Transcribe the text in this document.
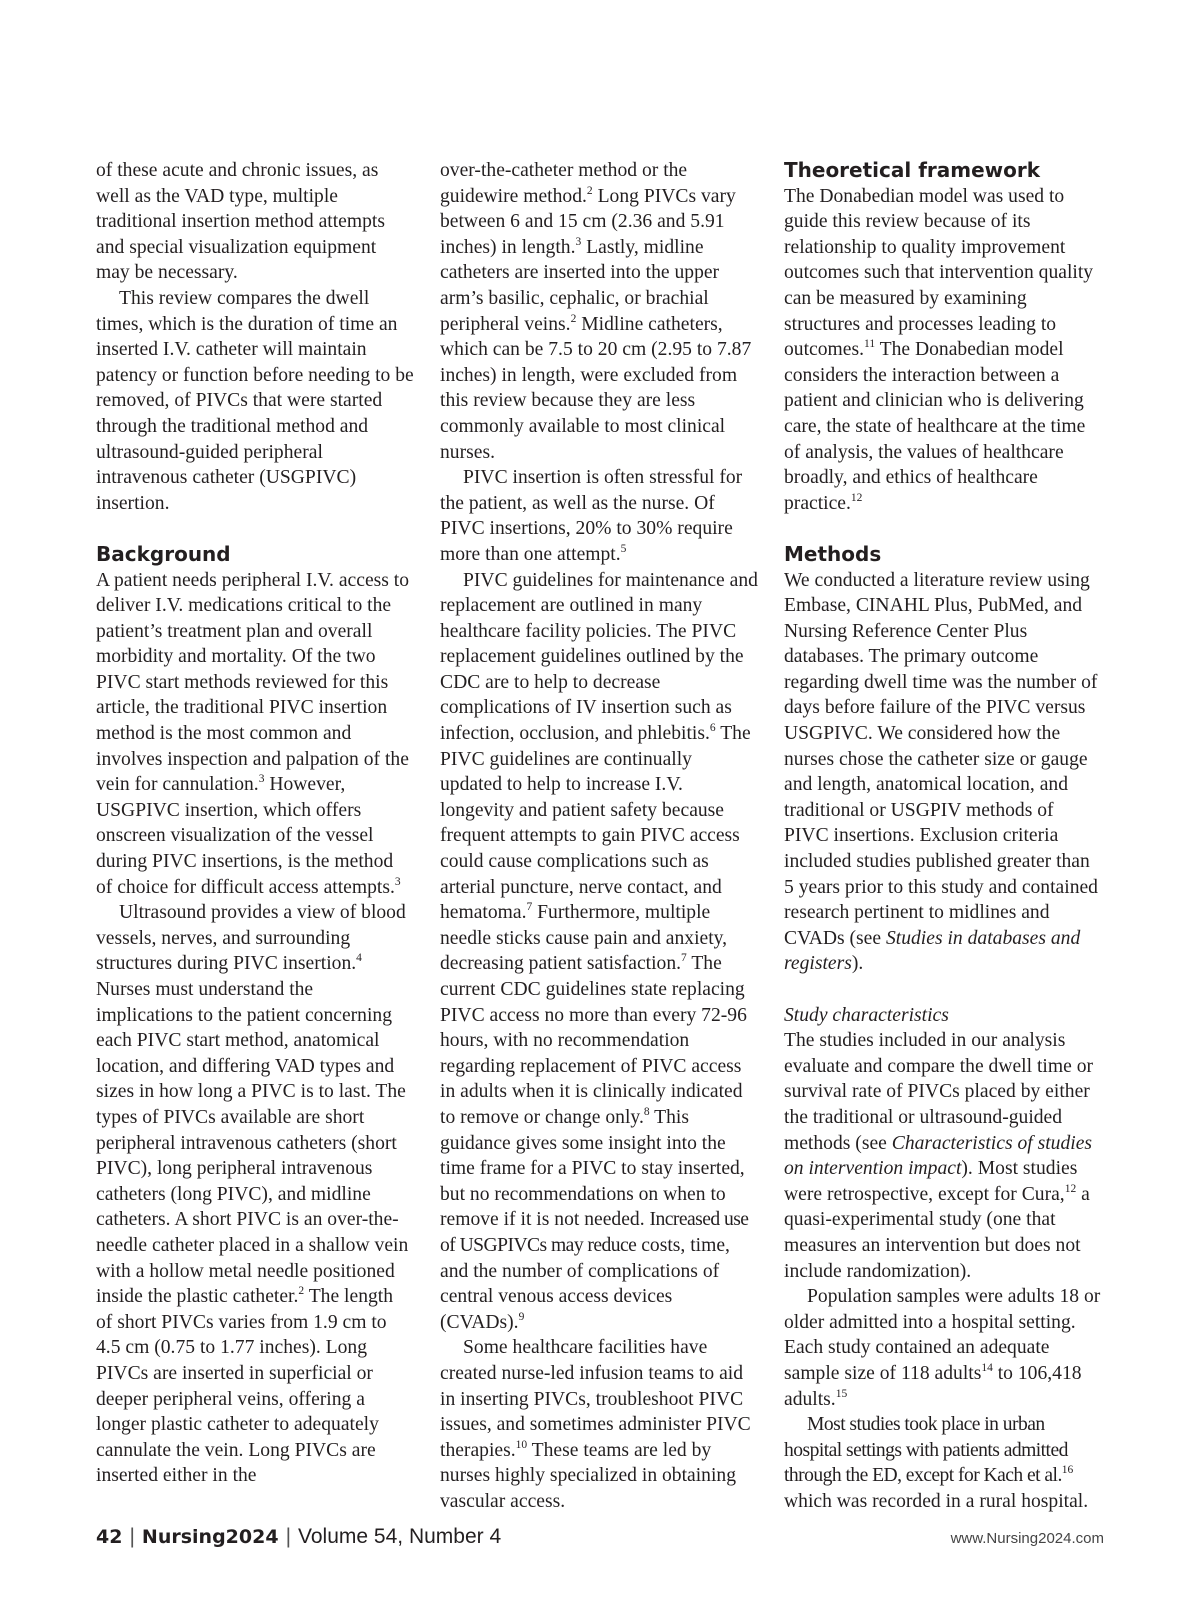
of these acute and chronic issues, as well as the VAD type, multiple traditional insertion method attempts and special visualization equipment may be necessary.

This review compares the dwell times, which is the duration of time an inserted I.V. catheter will maintain patency or function before needing to be removed, of PIVCs that were started through the traditional method and ultrasound-guided peripheral intravenous catheter (USGPIVC) insertion.

Background

A patient needs peripheral I.V. access to deliver I.V. medications critical to the patient’s treatment plan and overall morbidity and mortality. Of the two PIVC start methods reviewed for this article, the traditional PIVC insertion method is the most common and involves inspection and palpation of the vein for cannulation.$^3$ However, USGPIVC insertion, which offers onscreen visualization of the vessel during PIVC insertions, is the method of choice for difficult access attempts.$^3$

Ultrasound provides a view of blood vessels, nerves, and surrounding structures during PIVC insertion.$^4$ Nurses must understand the implications to the patient concerning each PIVC start method, anatomical location, and differing VAD types and sizes in how long a PIVC is to last. The types of PIVCs available are short peripheral intravenous catheters (short PIVC), long peripheral intravenous catheters (long PIVC), and midline catheters. A short PIVC is an over-the-needle catheter placed in a shallow vein with a hollow metal needle positioned inside the plastic catheter.$^2$ The length of short PIVCs varies from 1.9 cm to 4.5 cm (0.75 to 1.77 inches). Long PIVCs are inserted in superficial or deeper peripheral veins, offering a longer plastic catheter to adequately cannulate the vein. Long PIVCs are inserted either in the

over-the-catheter method or the guidewire method.$^2$ Long PIVCs vary between 6 and 15 cm (2.36 and 5.91 inches) in length.$^3$ Lastly, midline catheters are inserted into the upper arm’s basilic, cephalic, or brachial peripheral veins.$^2$ Midline catheters, which can be 7.5 to 20 cm (2.95 to 7.87 inches) in length, were excluded from this review because they are less commonly available to most clinical nurses.

PIVC insertion is often stressful for the patient, as well as the nurse. Of PIVC insertions, 20% to 30% require more than one attempt.$^5$

PIVC guidelines for maintenance and replacement are outlined in many healthcare facility policies. The PIVC replacement guidelines outlined by the CDC are to help to decrease complications of IV insertion such as infection, occlusion, and phlebitis.$^6$ The PIVC guidelines are continually updated to help to increase I.V. longevity and patient safety because frequent attempts to gain PIVC access could cause complications such as arterial puncture, nerve contact, and hematoma.$^7$ Furthermore, multiple needle sticks cause pain and anxiety, decreasing patient satisfaction.$^7$ The current CDC guidelines state replacing PIVC access no more than every 72-96 hours, with no recommendation regarding replacement of PIVC access in adults when it is clinically indicated to remove or change only.$^8$ This guidance gives some insight into the time frame for a PIVC to stay inserted, but no recommendations on when to remove if it is not needed. Increased use of USGPIVCs may reduce costs, time, and the number of complications of central venous access devices (CVADs).$^9$

Some healthcare facilities have created nurse-led infusion teams to aid in inserting PIVCs, troubleshoot PIVC issues, and sometimes administer PIVC therapies.$^{10}$ These teams are led by nurses highly specialized in obtaining vascular access.

Theoretical framework

The Donabedian model was used to guide this review because of its relationship to quality improvement outcomes such that intervention quality can be measured by examining structures and processes leading to outcomes.$^{11}$ The Donabedian model considers the interaction between a patient and clinician who is delivering care, the state of healthcare at the time of analysis, the values of healthcare broadly, and ethics of healthcare practice.$^{12}$

Methods

We conducted a literature review using Embase, CINAHL Plus, PubMed, and Nursing Reference Center Plus databases. The primary outcome regarding dwell time was the number of days before failure of the PIVC versus USGPIVC. We considered how the nurses chose the catheter size or gauge and length, anatomical location, and traditional or USGPIV methods of PIVC insertions. Exclusion criteria included studies published greater than 5 years prior to this study and contained research pertinent to midlines and CVADs (see Studies in databases and registers).

Study characteristics

The studies included in our analysis evaluate and compare the dwell time or survival rate of PIVCs placed by either the traditional or ultrasound-guided methods (see Characteristics of studies on intervention impact). Most studies were retrospective, except for Cura,$^{12}$ a quasi-experimental study (one that measures an intervention but does not include randomization).

Population samples were adults 18 or older admitted into a hospital setting. Each study contained an adequate sample size of 118 adults$^{14}$ to 106,418 adults.$^{15}$

Most studies took place in urban hospital settings with patients admitted through the ED, except for Kach et al.$^{16}$ which was recorded in a rural hospital.

42 | Nursing2024 | Volume 54, Number 4	www.Nursing2024.com
